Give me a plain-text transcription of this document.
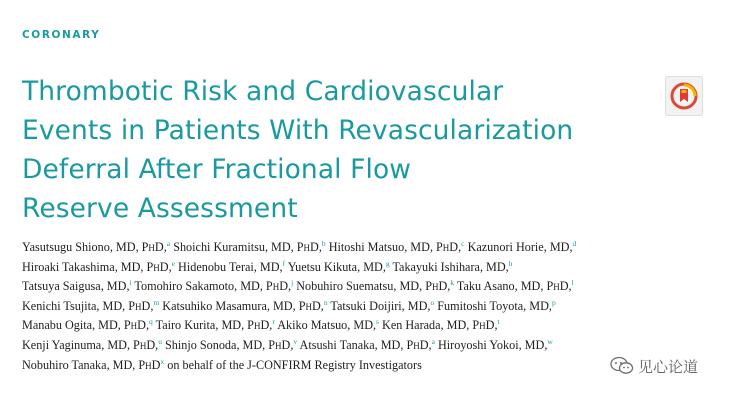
CORONARY
Thrombotic Risk and Cardiovascular
Events in Patients With Revascularization
Deferral After Fractional Flow
Reserve Assessment
Yasutsugu Shiono, MD, PhD,$^a$ Shoichi Kuramitsu, MD, PhD,$^b$ Hitoshi Matsuo, MD, PhD,$^c$ Kazunori Horie, MD,$^d$
Hiroaki Takashima, MD, PhD,$^e$ Hidenobu Terai, MD,$^f$ Yuetsu Kikuta, MD,$^g$ Takayuki Ishihara, MD,$^h$
Tatsuya Saigusa, MD,$^i$ Tomohiro Sakamoto, MD, PhD,$^j$ Nobuhiro Suematsu, MD, PhD,$^k$ Taku Asano, MD, PhD,$^l$
Kenichi Tsujita, MD, PhD,$^m$ Katsuhiko Masamura, MD, PhD,$^n$ Tatsuki Doijiri, MD,$^o$ Fumitoshi Toyota, MD,$^p$
Manabu Ogita, MD, PhD,$^q$ Tairo Kurita, MD, PhD,$^r$ Akiko Matsuo, MD,$^s$ Ken Harada, MD, PhD,$^t$
Kenji Yaginuma, MD, PhD,$^u$ Shinjo Sonoda, MD, PhD,$^v$ Atsushi Tanaka, MD, PhD,$^a$ Hiroyoshi Yokoi, MD,$^w$
Nobuhiro Tanaka, MD, PhD$^x$ on behalf of the J-CONFIRM Registry Investigators	见心论道
